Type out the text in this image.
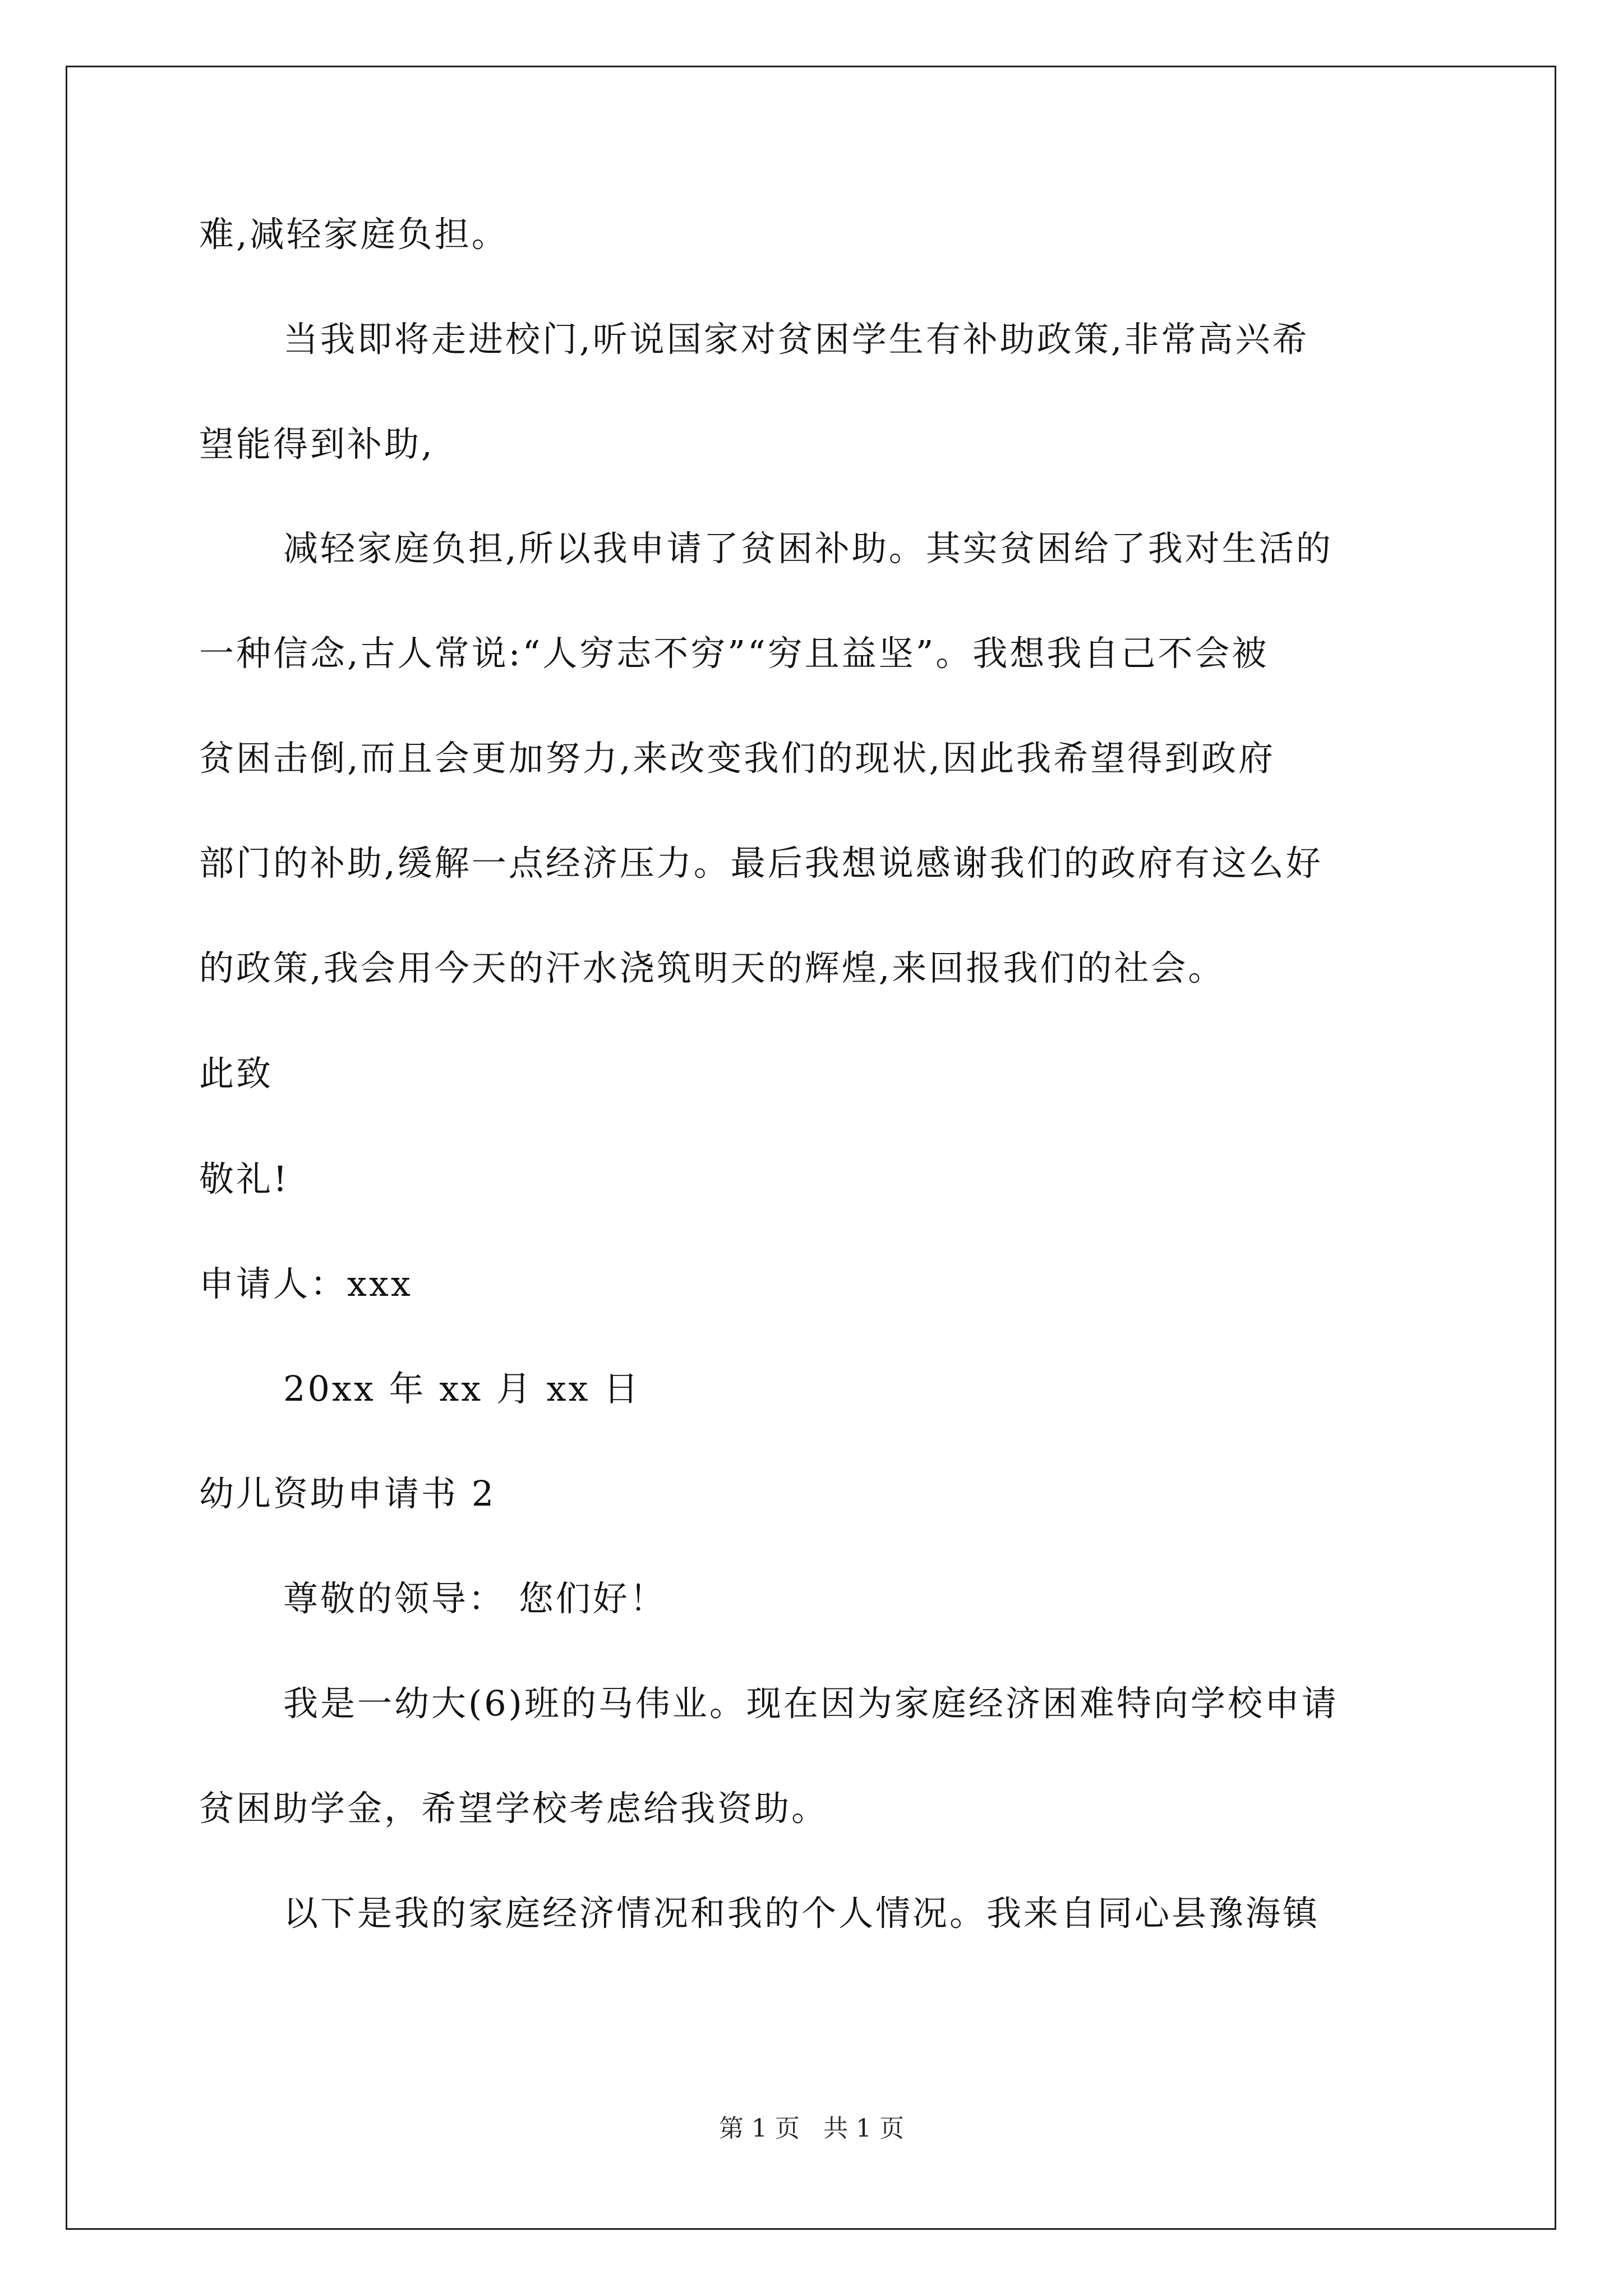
难,减轻家庭负担。
当我即将走进校门,听说国家对贫困学生有补助政策,非常高兴希
望能得到补助,
减轻家庭负担,所以我申请了贫困补助。其实贫困给了我对生活的
一种信念,古人常说:“人穷志不穷”“穷且益坚”。我想我自己不会被
贫困击倒,而且会更加努力,来改变我们的现状,因此我希望得到政府
部门的补助,缓解一点经济压力。最后我想说感谢我们的政府有这么好
的政策,我会用今天的汗水浇筑明天的辉煌,来回报我们的社会。
此致
敬礼!
申请人：xxx
20xx 年 xx 月 xx 日
幼儿资助申请书 2
尊敬的领导： 您们好！
我是一幼大(6)班的马伟业。现在因为家庭经济困难特向学校申请
贫困助学金，希望学校考虑给我资助。
以下是我的家庭经济情况和我的个人情况。我来自同心县豫海镇
第 1 页 共 1 页
